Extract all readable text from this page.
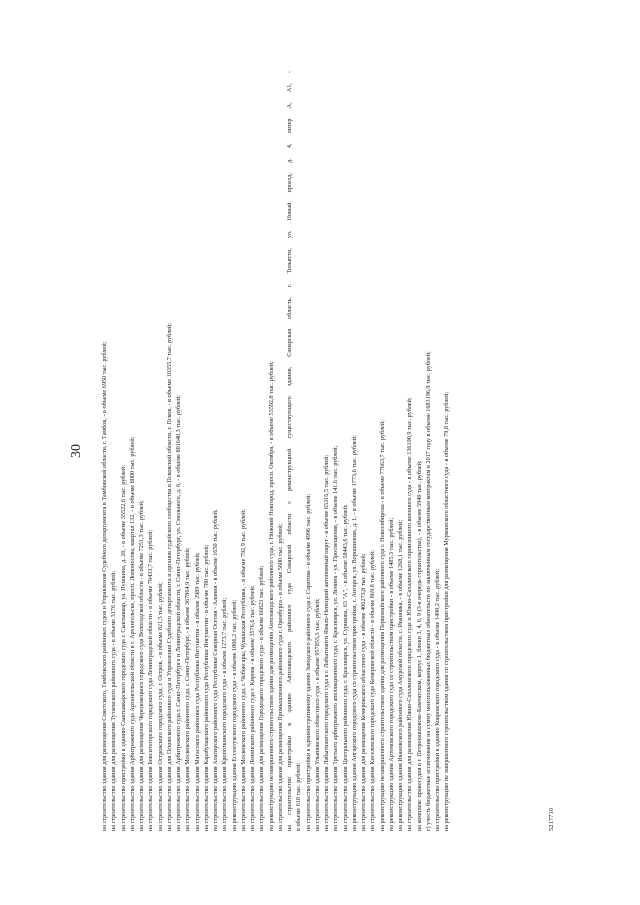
30	на строительство здания для размещения Советского, Тамбовского районных судов и Управления Судебного департамента в Тамбовской области, г. Тамбов, - в объеме 6950 тыс. рублей; на строительство здания для размещения Тутаевского районного суда - в объеме 3176 тыс. рублей; на строительство пристройки к зданию Сыктывкарского городского суда г. Сыктывкар, ул. Пушкина, д. 20, - в объеме 35522,6 тыс. рублей; на строительство здания Арбитражного суда Архангельской области в г. Архангельске, просп. Ломоносова, квартал 132, - в объеме 8000 тыс. рублей; на строительство здания для размещения Череповецкого городского суда Вологодской области - в объеме 7251,3 тыс. рублей; на строительство здания Бокситогорского городского суда Ленинградской области - в объеме 70433,7 тыс. рублей; на строительство здания Островского городского суда, г. Остров, - в объеме 821,5 тыс. рублей; на строительство здания для Псковского районного суда и Управления Судебного департамента и органов судейского сообщества в Псковской области, г. Псков, - в объеме 10355,7 тыс. рублей; на строительство здания Арбитражного суда г. Санкт-Петербурга и Ленинградской области, г. Санкт-Петербург, ул. Смольного, д. 6, - в объеме 801640,3 тыс. рублей; на строительство здания Московского районного суда, г. Санкт-Петербург, - в объеме 367864,9 тыс. рублей; на строительство здания Магасского районного суда Республики Ингушетия - в объеме 2989 тыс. рублей; на строительство здания Карабулакского районного суда Республики Ингушетия - в объеме 780 тыс. рублей; на строительство здания Алагирского районного суда Республики Северная Осетия - Алания - в объеме 1650 тыс. рублей; на строительство здания Кропоткинского городского суда - в объеме 1273,7 тыс. рублей; на реконструкцию здания Ессентукского городского суда - в объеме 1806,2 тыс. рублей; на строительство здания Московского районного суда, г. Чебоксары, Чувашская Республика, - в объеме 792,9 тыс. рублей; на строительство здания Ленинского районного суда г. Кирова - в объеме 3576,6 тыс. рублей; на строительство здания для размещения Городецкого городского суда - в объеме 66823 тыс. рублей; на реконструкцию незавершенного строительством здания для размещения Автозаводского районного суда, г. Нижний Новгород, просп. Октября, - в объеме 53592,8 тыс. рублей; на строительство здания для размещения Промышленного районного суда г. Оренбурга - в объеме 5600 тыс. рублей; на строительство пристройки к зданию Автозаводского районного суда Самарской области с реконструкцией существующего здания, Самарская область, г. Тольятти, ул. Новый проезд, д. 4, литер А, А1, - в объеме 618 тыс. рублей; на строительство пристройки к административному зданию Заводского районного суда г. Саратова - в объеме 4996 тыс. рублей; на строительство здания Ульяновского областного суда - в объеме 957855,3 тыс. рублей; на строительство здания Лабытнангского городского суда в г. Лабытнанги Ямало-Ненецкий автономный округ - в объеме 65316,5 тыс. рублей; на строительство здания Третьего арбитражного апелляционного суда, г. Красноярск, ул. Ленина - ул. Просвещения, - в объеме 141,6 тыс. рублей; на строительство здания Центрального районного суда, г. Красноярск, ул. Сурикова, 63 "А", - в объеме 58443,6 тыс. рублей; на реконструкцию здания Ангарского городского суда со строительством пристройки, г. Ангарск, ул. Ворошилова, д. 1, - в объеме 1773,6 тыс. рублей; на строительство здания для размещения Кемеровского областного суда - в объеме 406273,8 тыс. рублей; на строительство здания Киселевского городского суда Кемеровской области - в объеме 869,8 тыс. рублей; на реконструкцию незавершенного строительством здания для размещения Первомайского районного суда г. Новосибирска - в объеме 77663,7 тыс. рублей; на реконструкцию здания Артемовского городского суда со строительством пристройки - в объеме 1485,3 тыс. рублей; на реконструкцию здания Ивановского районного суда Амурской области, с. Ивановка, - в объеме 1268,1 тыс. рублей; на строительство здания для размещения Южно-Сахалинского городского суда и Южно-Сахалинского гарнизонного военного суда - в объеме 136190,9 тыс. рублей; на комплекс правосудия в г. Петропавловске-Камчатском, корпус 1, блоки 3, 4, 6, 9 (3-я очередь строительства), - в объеме 5940 тыс. рублей; г) учесть бюджетные ассигнования на сумму неиспользованных бюджетных обязательств по заключенным государственным контрактам в 2017 году в объеме 1683196,9 тыс. рублей; на строительство пристройки к зданию Ковровского городского суда - в объеме 1490,2 тыс. рублей; на реконструкцию не завершенного строительством здания со строительством пристройки для размещения Мурманского областного суда - в объеме 79,8 тыс. рублей;	5217710
